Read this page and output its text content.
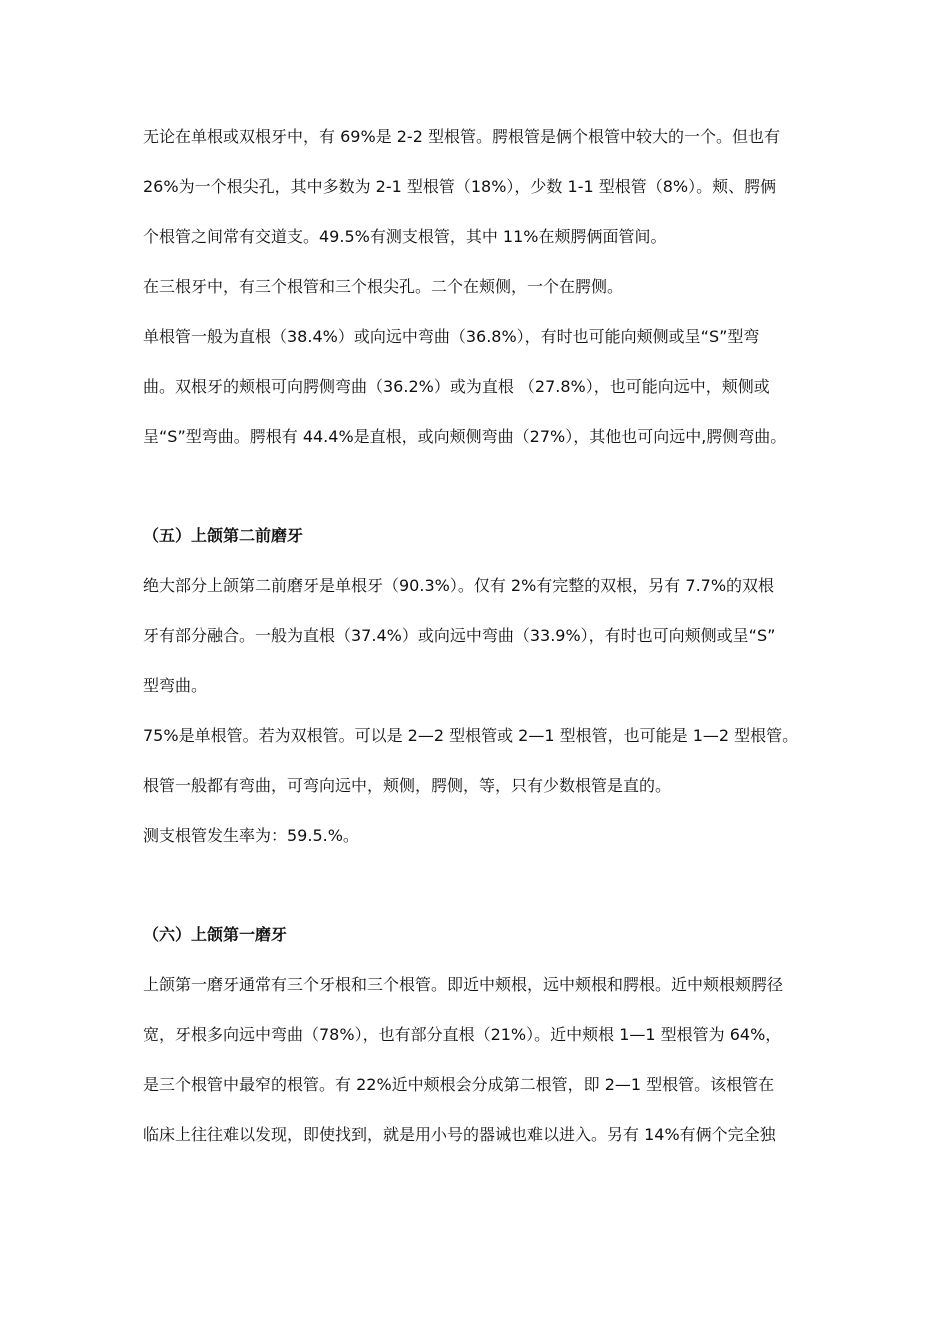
无论在单根或双根牙中，有 69%是 2-2 型根管。腭根管是俩个根管中较大的一个。但也有
26%为一个根尖孔，其中多数为 2-1 型根管（18%），少数 1-1 型根管（8%）。颊、腭俩
个根管之间常有交道支。49.5%有测支根管，其中 11%在颊腭俩面管间。
在三根牙中，有三个根管和三个根尖孔。二个在颊侧，一个在腭侧。
单根管一般为直根（38.4%）或向远中弯曲（36.8%），有时也可能向颊侧或呈“S”型弯
曲。双根牙的颊根可向腭侧弯曲（36.2%）或为直根 （27.8%），也可能向远中，颊侧或
呈“S”型弯曲。腭根有 44.4%是直根，或向颊侧弯曲（27%），其他也可向远中,腭侧弯曲。
（五）上颌第二前磨牙
绝大部分上颌第二前磨牙是单根牙（90.3%）。仅有 2%有完整的双根，另有 7.7%的双根
牙有部分融合。一般为直根（37.4%）或向远中弯曲（33.9%），有时也可向颊侧或呈“S”
型弯曲。
75%是单根管。若为双根管。可以是 2—2 型根管或 2—1 型根管，也可能是 1—2 型根管。
根管一般都有弯曲，可弯向远中，颊侧，腭侧，等，只有少数根管是直的。
测支根管发生率为：59.5.%。
（六）上颌第一磨牙
上颌第一磨牙通常有三个牙根和三个根管。即近中颊根，远中颊根和腭根。近中颊根颊腭径
宽，牙根多向远中弯曲（78%），也有部分直根（21%）。近中颊根 1—1 型根管为 64%，
是三个根管中最窄的根管。有 22%近中颊根会分成第二根管，即 2—1 型根管。该根管在
临床上往往难以发现，即使找到，就是用小号的器诫也难以进入。另有 14%有俩个完全独
